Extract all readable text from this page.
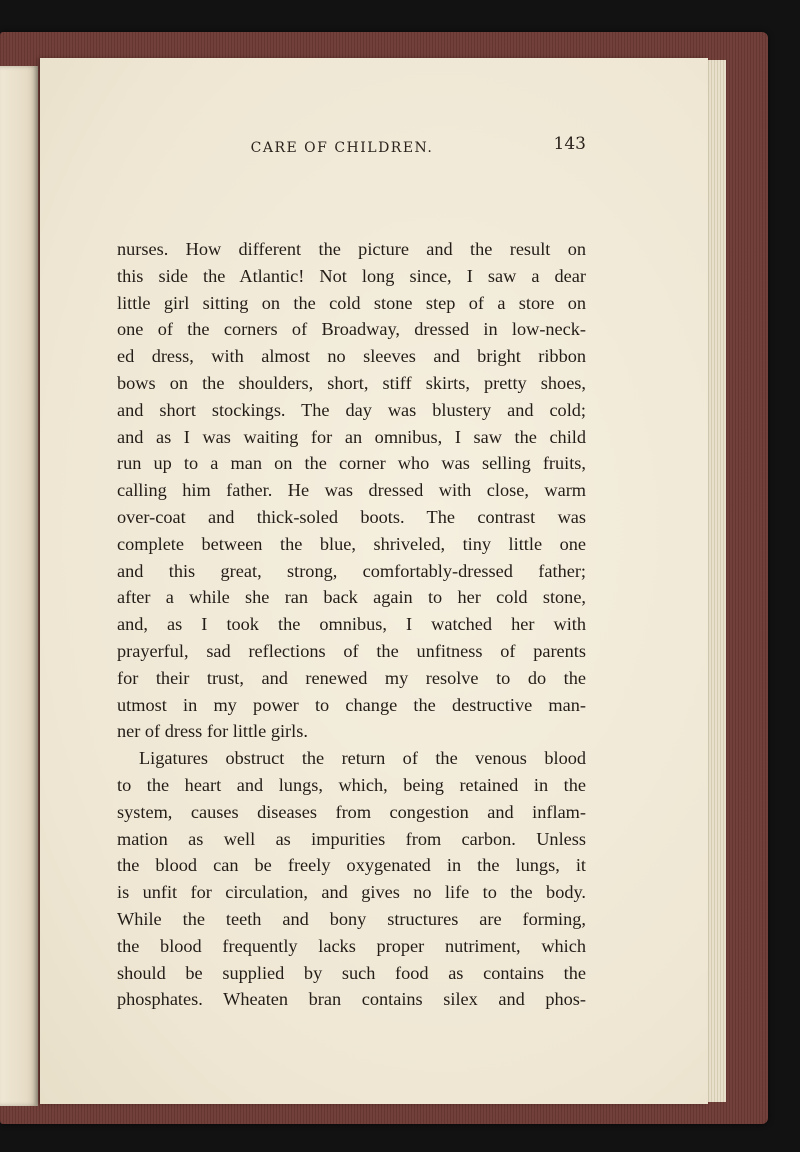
CARE OF CHILDREN.	143
nurses. How different the picture and the result on
this side the Atlantic! Not long since, I saw a dear
little girl sitting on the cold stone step of a store on
one of the corners of Broadway, dressed in low-neck-
ed dress, with almost no sleeves and bright ribbon
bows on the shoulders, short, stiff skirts, pretty shoes,
and short stockings. The day was blustery and cold;
and as I was waiting for an omnibus, I saw the child
run up to a man on the corner who was selling fruits,
calling him father. He was dressed with close, warm
over-coat and thick-soled boots. The contrast was
complete between the blue, shriveled, tiny little one
and this great, strong, comfortably-dressed father;
after a while she ran back again to her cold stone,
and, as I took the omnibus, I watched her with
prayerful, sad reflections of the unfitness of parents
for their trust, and renewed my resolve to do the
utmost in my power to change the destructive man-
ner of dress for little girls.
Ligatures obstruct the return of the venous blood
to the heart and lungs, which, being retained in the
system, causes diseases from congestion and inflam-
mation as well as impurities from carbon. Unless
the blood can be freely oxygenated in the lungs, it
is unfit for circulation, and gives no life to the body.
While the teeth and bony structures are forming,
the blood frequently lacks proper nutriment, which
should be supplied by such food as contains the
phosphates. Wheaten bran contains silex and phos-
